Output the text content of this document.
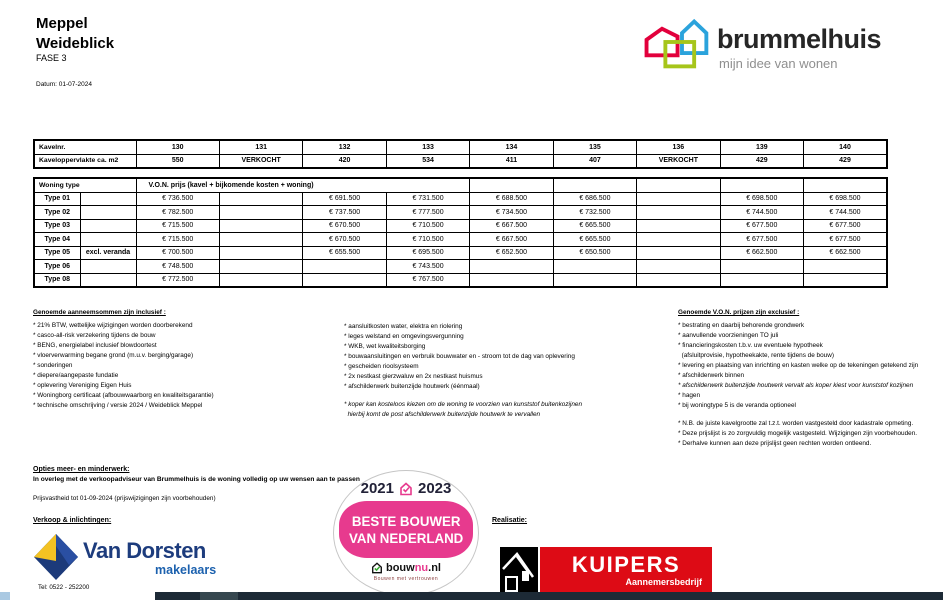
Meppel
Weideblick
FASE 3
Datum: 01-07-2024
brummelhuis
mijn idee van wonen
Kavelnr.	130	131	132	133	134	135	136	139	140
Kaveloppervlakte ca. m2	550	VERKOCHT	420	534	411	407	VERKOCHT	429	429
Woning type		V.O.N. prijs (kavel + bijkomende kosten + woning)								
Type 01		€ 736.500		€ 691.500	€ 731.500	€ 688.500	€ 686.500		€ 698.500	€ 698.500
Type 02		€ 782.500		€ 737.500	€ 777.500	€ 734.500	€ 732.500		€ 744.500	€ 744.500
Type 03		€ 715.500		€ 670.500	€ 710.500	€ 667.500	€ 665.500		€ 677.500	€ 677.500
Type 04		€ 715.500		€ 670.500	€ 710.500	€ 667.500	€ 665.500		€ 677.500	€ 677.500
Type 05	excl. veranda	€ 700.500		€ 655.500	€ 695.500	€ 652.500	€ 650.500		€ 662.500	€ 662.500
Type 06		€ 748.500			€ 743.500					
Type 08		€ 772.500			€ 767.500					
Genoemde aanneemsommen zijn inclusief :
* 21% BTW, wettelijke wijzigingen worden doorberekend
* casco-all-risk verzekering tijdens de bouw
* BENG, energielabel inclusief blowdoortest
* vloerverwarming begane grond (m.u.v. berging/garage)
* sonderingen
* diepere/aangepaste fundatie
* oplevering Vereniging Eigen Huis
* Woningborg certificaat (afbouwwaarborg en kwaliteitsgarantie)
* technische omschrijving / versie 2024 / Weideblick Meppel
* aansluitkosten water, elektra en riolering
* leges welstand en omgevingsvergunning
* WKB, wet kwaliteitsborging
* bouwaansluitingen en verbruik bouwwater en - stroom tot de dag van oplevering
* gescheiden rioolsysteem
* 2x nestkast gierzwaluw en 2x nestkast huismus
* afschilderwerk buitenzijde houtwerk (éénmaal)
* koper kan kosteloos kiezen om de woning te voorzien van kunststof buitenkozijnen
hierbij komt de post afschilderwerk buitenzijde houtwerk te vervallen
Genoemde V.O.N. prijzen zijn exclusief :
* bestrating en daarbij behorende grondwerk
* aanvullende voorzieningen TO juli
* financieringskosten t.b.v. uw eventuele hypotheek
(afsluitprovisie, hypotheekakte, rente tijdens de bouw)
* levering en plaatsing van inrichting en kasten welke op de tekeningen getekend zijn
* afschilderwerk binnen
* afschilderwerk buitenzijde houtwerk vervalt als koper kiest voor kunststof kozijnen
* hagen
* bij woningtype 5 is de veranda optioneel
* N.B. de juiste kavelgrootte zal t.z.t. worden vastgesteld door kadastrale opmeting.
* Deze prijslijst is zo zorgvuldig mogelijk vastgesteld. Wijzigingen zijn voorbehouden.
* Derhalve kunnen aan deze prijslijst geen rechten worden ontleend.
Opties meer- en minderwerk:
In overleg met de verkoopadviseur van Brummelhuis is de woning volledig op uw wensen aan te passen
Prijsvastheid tot 01-09-2024 (prijswijzigingen zijn voorbehouden)
Verkoop & inlichtingen:
Van Dorsten
makelaars
Tel: 0522 - 252200
2021 2023
BESTE BOUWER
VAN NEDERLAND
bouwnu.nl
Bouwen met vertrouwen
Realisatie:
KUIPERS
Aannemersbedrijf
